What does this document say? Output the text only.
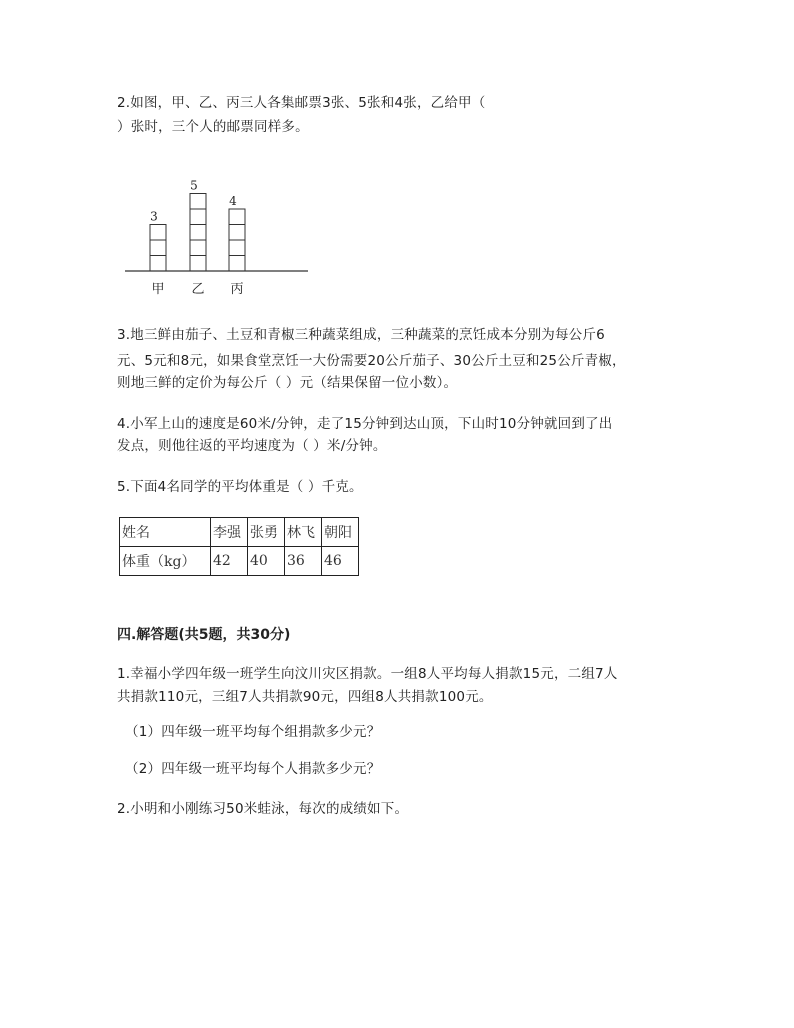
2.如图，甲、乙、丙三人各集邮票3张、5张和4张，乙给甲（
）张时，三个人的邮票同样多。
3
甲
5
乙
4
丙
3.地三鲜由茄子、土豆和青椒三种蔬菜组成，三种蔬菜的烹饪成本分别为每公斤6
元、5元和8元，如果食堂烹饪一大份需要20公斤茄子、30公斤土豆和25公斤青椒，
则地三鲜的定价为每公斤（ ）元（结果保留一位小数）。
4.小军上山的速度是60米/分钟，走了15分钟到达山顶，下山时10分钟就回到了出
发点，则他往返的平均速度为（ ）米/分钟。
5.下面4名同学的平均体重是（ ）千克。
姓名	李强	张勇	林飞	朝阳
体重（kg）	42	40	36	46
四.解答题(共5题，共30分)
1.幸福小学四年级一班学生向汶川灾区捐款。一组8人平均每人捐款15元，二组7人
共捐款110元，三组7人共捐款90元，四组8人共捐款100元。
（1）四年级一班平均每个组捐款多少元？
（2）四年级一班平均每个人捐款多少元？
2.小明和小刚练习50米蛙泳，每次的成绩如下。
